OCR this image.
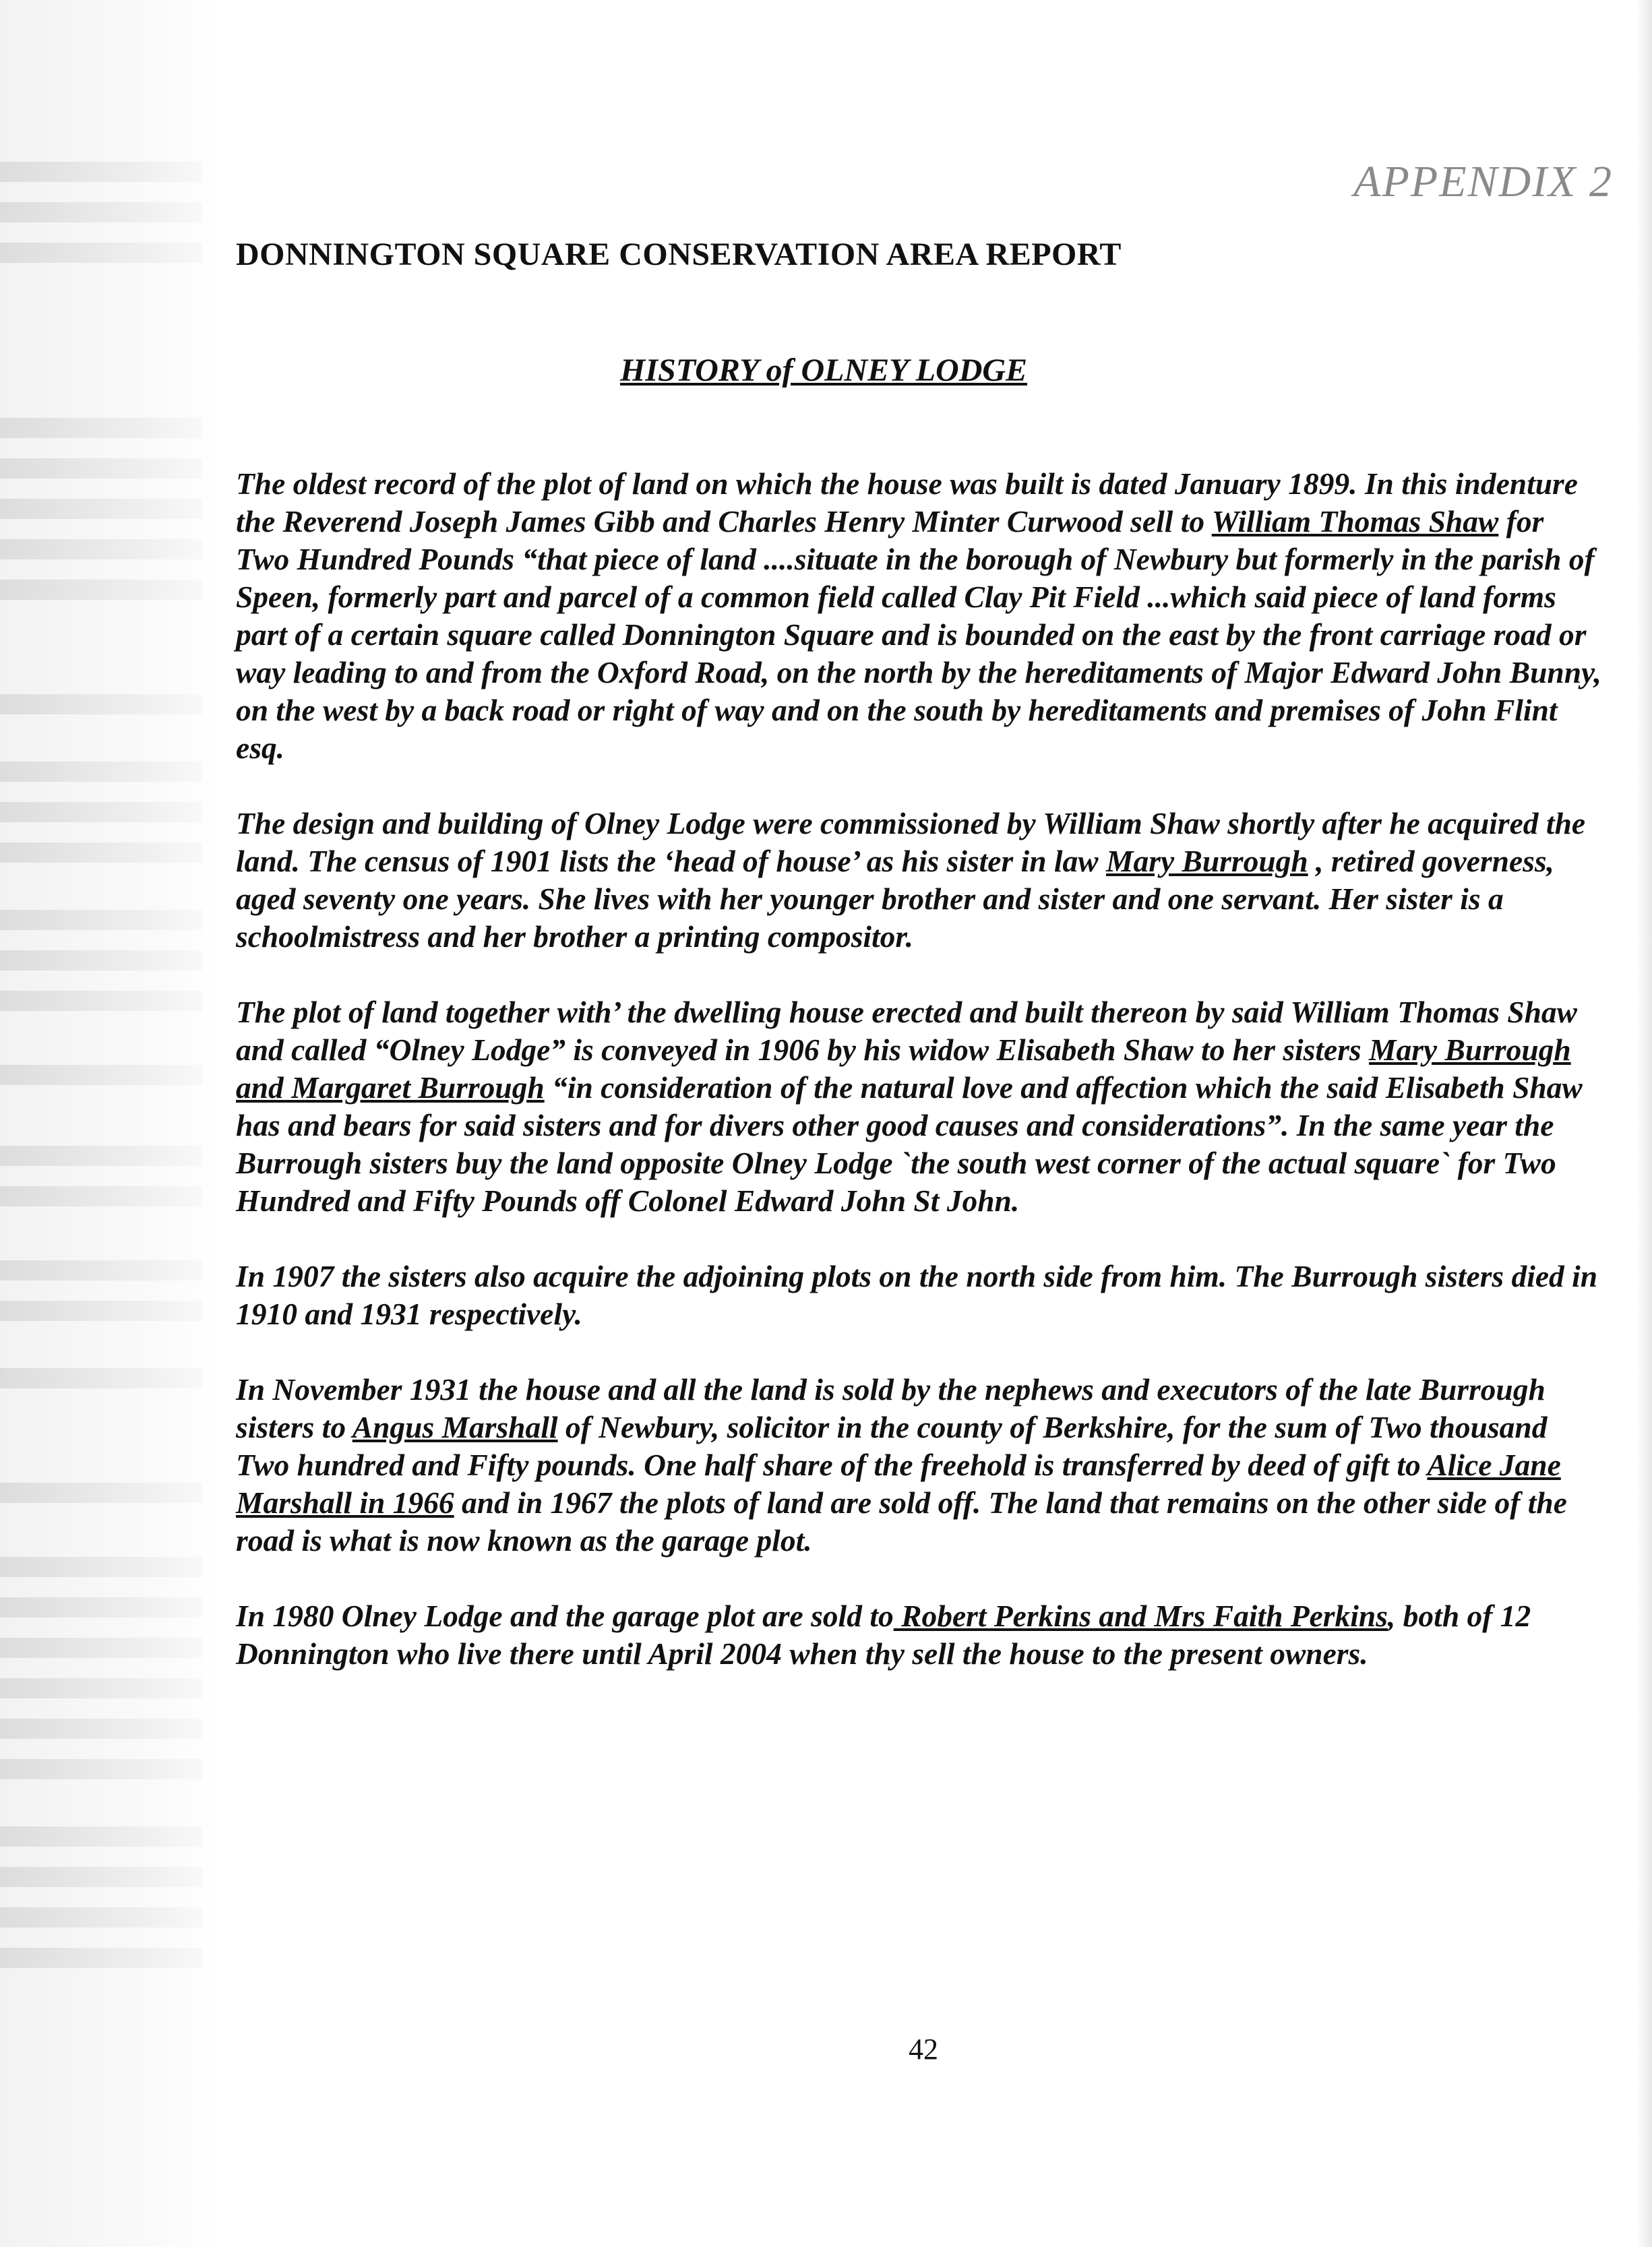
APPENDIX 2
DONNINGTON SQUARE CONSERVATION AREA REPORT
HISTORY of OLNEY LODGE

The oldest record of the plot of land on which the house was built is dated January 1899. In this indenture the Reverend Joseph James Gibb and Charles Henry Minter Curwood sell to William Thomas Shaw for Two Hundred Pounds “that piece of land ....situate in the borough of Newbury but formerly in the parish of Speen, formerly part and parcel of a common field called Clay Pit Field ...which said piece of land forms part of a certain square called Donnington Square and is bounded on the east by the front carriage road or way leading to and from the Oxford Road, on the north by the hereditaments of Major Edward John Bunny, on the west by a back road or right of way and on the south by hereditaments and premises of John Flint esq.

The design and building of Olney Lodge were commissioned by William Shaw shortly after he acquired the land. The census of 1901 lists the ‘head of house’ as his sister in law Mary Burrough , retired governess, aged seventy one years. She lives with her younger brother and sister and one servant. Her sister is a schoolmistress and her brother a printing compositor.

The plot of land together with’ the dwelling house erected and built thereon by said William Thomas Shaw and called “Olney Lodge” is conveyed in 1906 by his widow Elisabeth Shaw to her sisters Mary Burrough and Margaret Burrough “in consideration of the natural love and affection which the said Elisabeth Shaw has and bears for said sisters and for divers other good causes and considerations”. In the same year the Burrough sisters buy the land opposite Olney Lodge `the south west corner of the actual square` for Two Hundred and Fifty Pounds off Colonel Edward John St John.

In 1907 the sisters also acquire the adjoining plots on the north side from him. The Burrough sisters died in 1910 and 1931 respectively.

In November 1931 the house and all the land is sold by the nephews and executors of the late Burrough sisters to Angus Marshall of Newbury, solicitor in the county of Berkshire, for the sum of Two thousand Two hundred and Fifty pounds. One half share of the freehold is transferred by deed of gift to Alice Jane Marshall in 1966 and in 1967 the plots of land are sold off. The land that remains on the other side of the road is what is now known as the garage plot.

In 1980 Olney Lodge and the garage plot are sold to Robert Perkins and Mrs Faith Perkins, both of 12 Donnington who live there until April 2004 when thy sell the house to the present owners.

42
